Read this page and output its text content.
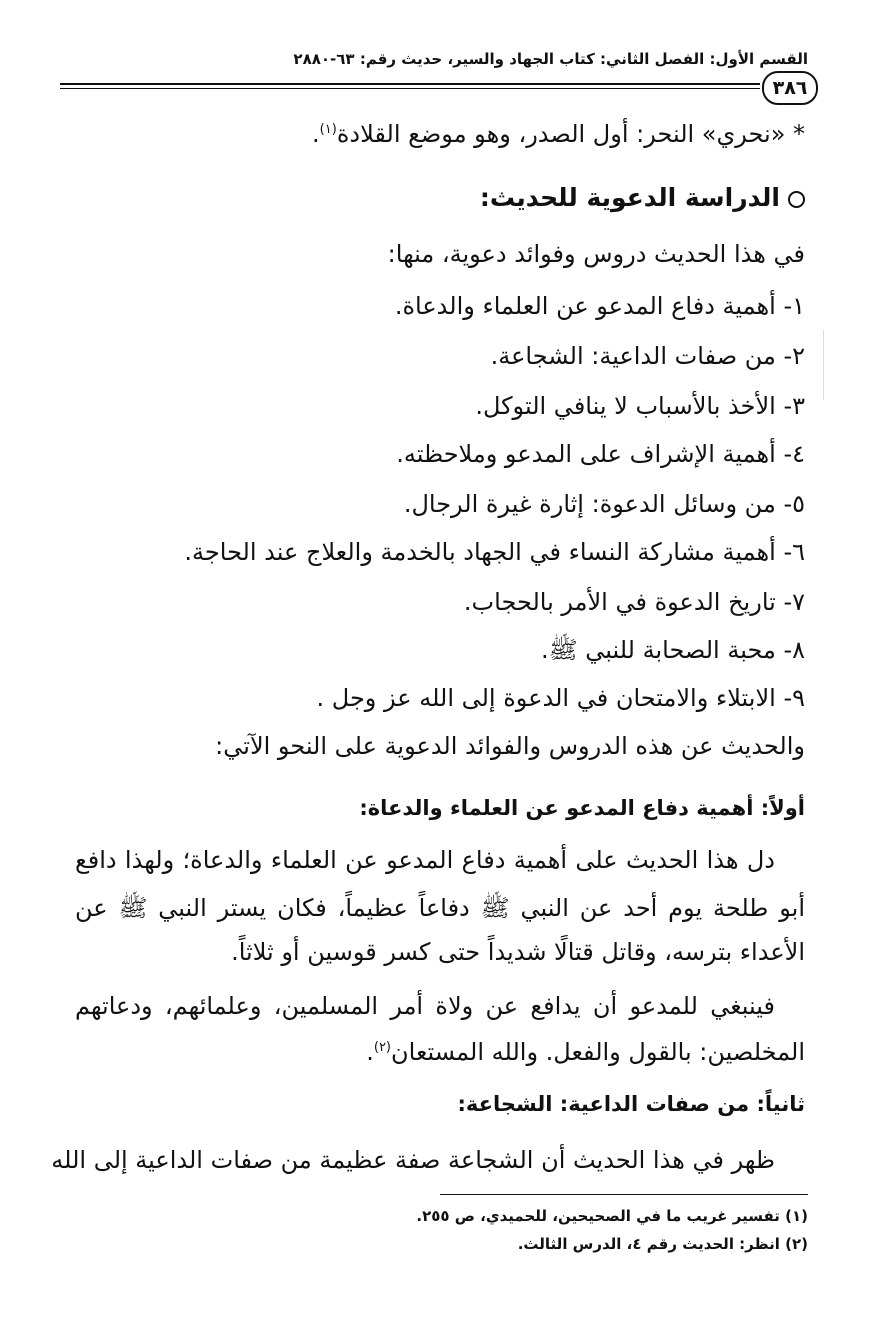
القسم الأول: الفصل الثاني: كتاب الجهاد والسير، حديث رقم: ٦٣-٢٨٨٠
٣٨٦
* «نحري» النحر: أول الصدر، وهو موضع القلادة$^{(١)}$.
الدراسة الدعوية للحديث:
في هذا الحديث دروس وفوائد دعوية، منها:
١- أهمية دفاع المدعو عن العلماء والدعاة.
٢- من صفات الداعية: الشجاعة.
٣- الأخذ بالأسباب لا ينافي التوكل.
٤- أهمية الإشراف على المدعو وملاحظته.
٥- من وسائل الدعوة: إثارة غيرة الرجال.
٦- أهمية مشاركة النساء في الجهاد بالخدمة والعلاج عند الحاجة.
٧- تاريخ الدعوة في الأمر بالحجاب.
٨- محبة الصحابة للنبي ﷺ.
٩- الابتلاء والامتحان في الدعوة إلى الله عز وجل .
والحديث عن هذه الدروس والفوائد الدعوية على النحو الآتي:
أولاً: أهمية دفاع المدعو عن العلماء والدعاة:
دل هذا الحديث على أهمية دفاع المدعو عن العلماء والدعاة؛ ولهذا دافع
أبو طلحة يوم أحد عن النبي ﷺ دفاعاً عظيماً، فكان يستر النبي ﷺ عن
الأعداء بترسه، وقاتل قتالًا شديداً حتى كسر قوسين أو ثلاثاً.
فينبغي للمدعو أن يدافع عن ولاة أمر المسلمين، وعلمائهم، ودعاتهم
المخلصين: بالقول والفعل. والله المستعان$^{(٢)}$.
ثانياً: من صفات الداعية: الشجاعة:
ظهر في هذا الحديث أن الشجاعة صفة عظيمة من صفات الداعية إلى الله
(١) تفسير غريب ما في الصحيحين، للحميدي، ص ٢٥٥.
(٢) انظر: الحديث رقم ٤، الدرس الثالث.
